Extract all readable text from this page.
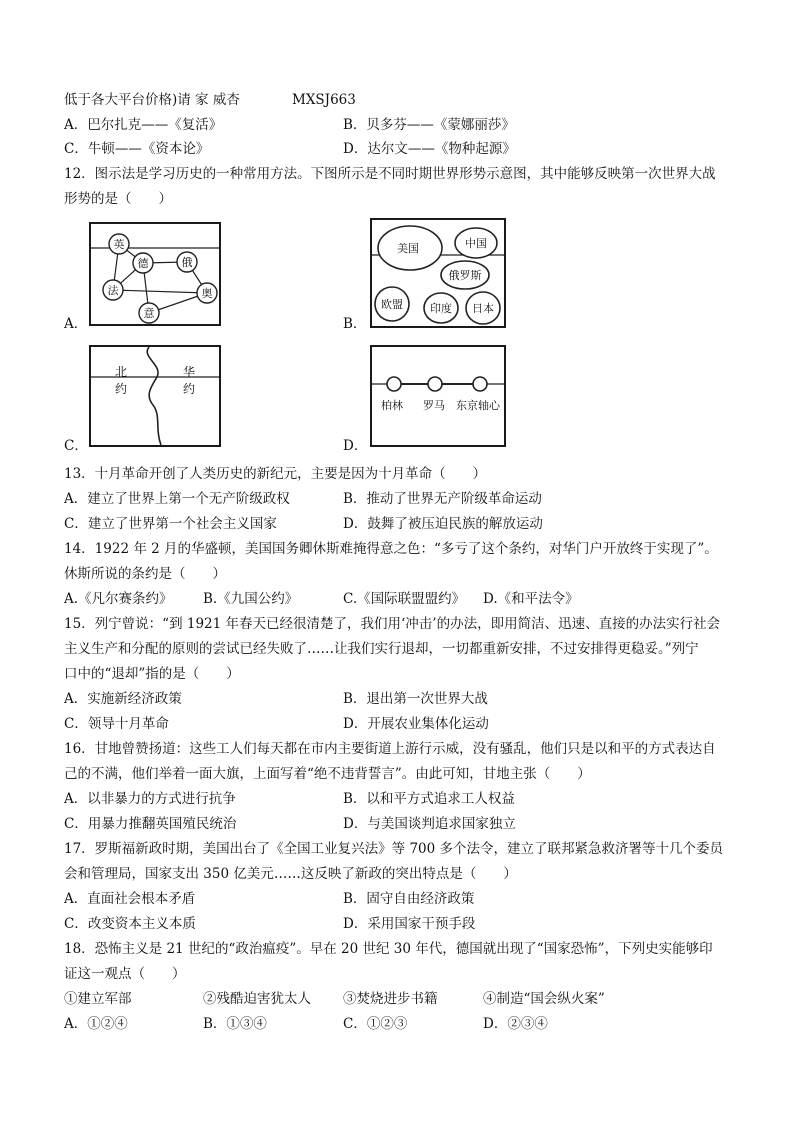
低于各大平台价格)请 家 威杏	MXSJ663
A．巴尔扎克——《复活》	B．贝多芬——《蒙娜丽莎》
C．牛顿——《资本论》	D．达尔文——《物种起源》
12．图示法是学习历史的一种常用方法。下图所示是不同时期世界形势示意图，其中能够反映第一次世界大战
形势的是（　　）
A．	B．
C．	D．
英
德	俄
法	奥
意
美国	中国
俄罗斯
欧盟 印度 日本
北
约
华
约
柏林 罗马 东京轴心
13．十月革命开创了人类历史的新纪元，主要是因为十月革命（　　）
A．建立了世界上第一个无产阶级政权	B．推动了世界无产阶级革命运动
C．建立了世界第一个社会主义国家	D．鼓舞了被压迫民族的解放运动
14．1922 年 2 月的华盛顿，美国国务卿休斯难掩得意之色：“多亏了这个条约，对华门户开放终于实现了”。
休斯所说的条约是（　　）
A.《凡尔赛条约》 B.《九国公约》	C.《国际联盟盟约》 D.《和平法令》
15．列宁曾说：“到 1921 年春天已经很清楚了，我们用‘冲击’的办法，即用简洁、迅速、直接的办法实行社会
主义生产和分配的原则的尝试已经失败了……让我们实行退却，一切都重新安排，不过安排得更稳妥。”列宁
口中的“退却”指的是（　　）
A．实施新经济政策	B．退出第一次世界大战
C．领导十月革命	D．开展农业集体化运动
16．甘地曾赞扬道：这些工人们每天都在市内主要街道上游行示威，没有骚乱，他们只是以和平的方式表达自
己的不满，他们举着一面大旗，上面写着“绝不违背誓言”。由此可知，甘地主张（　　）
A．以非暴力的方式进行抗争	B．以和平方式追求工人权益
C．用暴力推翻英国殖民统治	D．与美国谈判追求国家独立
17．罗斯福新政时期，美国出台了《全国工业复兴法》等 700 多个法令，建立了联邦紧急救济署等十几个委员
会和管理局，国家支出 350 亿美元……这反映了新政的突出特点是（　　）
A．直面社会根本矛盾	B．固守自由经济政策
C．改变资本主义本质	D．采用国家干预手段
18．恐怖主义是 21 世纪的“政治瘟疫”。早在 20 世纪 30 年代，德国就出现了“国家恐怖”，下列史实能够印
证这一观点（　　）
①建立军部	②残酷迫害犹太人 ③焚烧进步书籍	④制造“国会纵火案”
A．①②④	B．①③④	C．①②③	D．②③④
